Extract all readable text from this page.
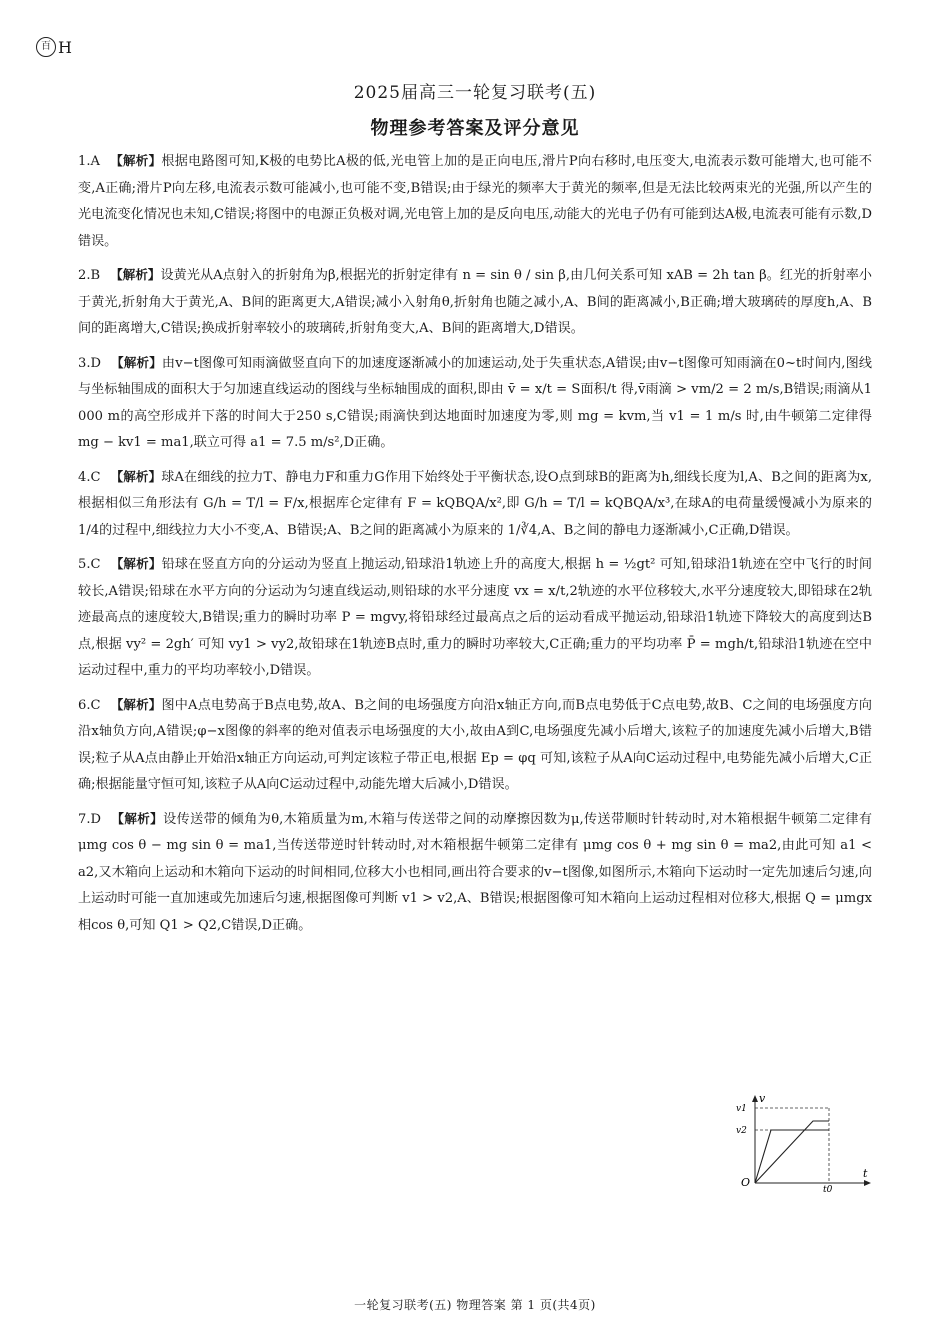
百 H
2025届高三一轮复习联考(五)
物理参考答案及评分意见

1.A 【解析】根据电路图可知,K极的电势比A极的低,光电管上加的是正向电压,滑片P向右移时,电压变大,电流表示数可能增大,也可能不变,A正确;滑片P向左移,电流表示数可能减小,也可能不变,B错误;由于绿光的频率大于黄光的频率,但是无法比较两束光的光强,所以产生的光电流变化情况也未知,C错误;将图中的电源正负极对调,光电管上加的是反向电压,动能大的光电子仍有可能到达A极,电流表可能有示数,D错误。

2.B 【解析】设黄光从A点射入的折射角为β,根据光的折射定律有 n = sin θ / sin β,由几何关系可知 xAB = 2h tan β。红光的折射率小于黄光,折射角大于黄光,A、B间的距离更大,A错误;减小入射角θ,折射角也随之减小,A、B间的距离减小,B正确;增大玻璃砖的厚度h,A、B间的距离增大,C错误;换成折射率较小的玻璃砖,折射角变大,A、B间的距离增大,D错误。

3.D 【解析】由v−t图像可知雨滴做竖直向下的加速度逐渐减小的加速运动,处于失重状态,A错误;由v−t图像可知雨滴在0~t时间内,图线与坐标轴围成的面积大于匀加速直线运动的图线与坐标轴围成的面积,即由 v̄ = x/t = S面积/t 得,v̄雨滴 > vm/2 = 2 m/s,B错误;雨滴从1 000 m的高空形成并下落的时间大于250 s,C错误;雨滴快到达地面时加速度为零,则 mg = kvm,当 v1 = 1 m/s 时,由牛顿第二定律得 mg − kv1 = ma1,联立可得 a1 = 7.5 m/s²,D正确。

4.C 【解析】球A在细线的拉力T、静电力F和重力G作用下始终处于平衡状态,设O点到球B的距离为h,细线长度为l,A、B之间的距离为x,根据相似三角形法有 G/h = T/l = F/x,根据库仑定律有 F = kQBQA/x²,即 G/h = T/l = kQBQA/x³,在球A的电荷量缓慢减小为原来的1/4的过程中,细线拉力大小不变,A、B错误;A、B之间的距离减小为原来的 1/∛4,A、B之间的静电力逐渐减小,C正确,D错误。

5.C 【解析】铅球在竖直方向的分运动为竖直上抛运动,铅球沿1轨迹上升的高度大,根据 h = ½gt² 可知,铅球沿1轨迹在空中飞行的时间较长,A错误;铅球在水平方向的分运动为匀速直线运动,则铅球的水平分速度 vx = x/t,2轨迹的水平位移较大,水平分速度较大,即铅球在2轨迹最高点的速度较大,B错误;重力的瞬时功率 P = mgvy,将铅球经过最高点之后的运动看成平抛运动,铅球沿1轨迹下降较大的高度到达B点,根据 vy² = 2gh′ 可知 vy1 > vy2,故铅球在1轨迹B点时,重力的瞬时功率较大,C正确;重力的平均功率 P̄ = mgh/t,铅球沿1轨迹在空中运动过程中,重力的平均功率较小,D错误。

6.C 【解析】图中A点电势高于B点电势,故A、B之间的电场强度方向沿x轴正方向,而B点电势低于C点电势,故B、C之间的电场强度方向沿x轴负方向,A错误;φ−x图像的斜率的绝对值表示电场强度的大小,故由A到C,电场强度先减小后增大,该粒子的加速度先减小后增大,B错误;粒子从A点由静止开始沿x轴正方向运动,可判定该粒子带正电,根据 Ep = φq 可知,该粒子从A向C运动过程中,电势能先减小后增大,C正确;根据能量守恒可知,该粒子从A向C运动过程中,动能先增大后减小,D错误。

7.D 【解析】设传送带的倾角为θ,木箱质量为m,木箱与传送带之间的动摩擦因数为μ,传送带顺时针转动时,对木箱根据牛顿第二定律有 μmg cos θ − mg sin θ = ma1,当传送带逆时针转动时,对木箱根据牛顿第二定律有 μmg cos θ + mg sin θ = ma2,由此可知 a1 < a2,又木箱向上运动和木箱向下运动的时间相同,位移大小也相同,画出符合要求的v−t图像,如图所示,木箱向下运动时一定先加速后匀速,向上运动时可能一直加速或先加速后匀速,根据图像可判断 v1 > v2,A、B错误;根据图像可知木箱向上运动过程相对位移大,根据 Q = μmgx相cos θ,可知 Q1 > Q2,C错误,D正确。

v
t
O
v1
v2
t0
一轮复习联考(五) 物理答案 第 1 页(共4页)
